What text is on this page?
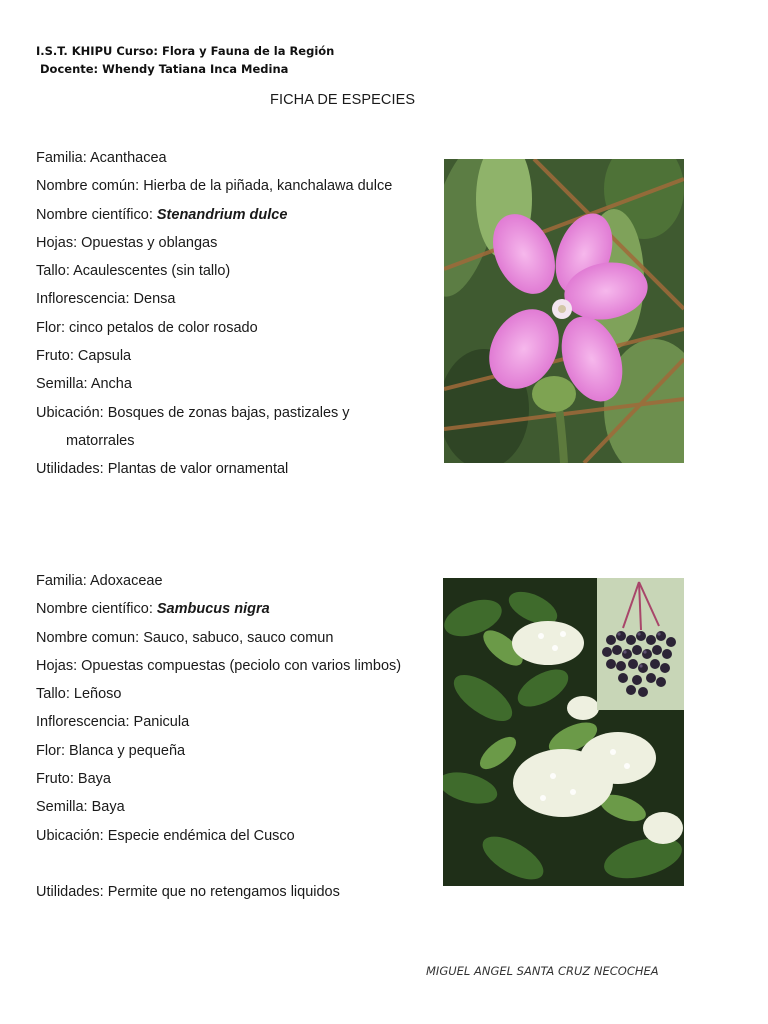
I.S.T. KHIPU Curso: Flora y Fauna de la Región
Docente: Whendy Tatiana Inca Medina
FICHA DE ESPECIES
Familia: Acanthacea
Nombre común: Hierba de la piñada, kanchalawa dulce
Nombre científico: Stenandrium dulce
Hojas: Opuestas y oblangas
Tallo: Acaulescentes (sin tallo)
Inflorescencia: Densa
Flor: cinco petalos de color rosado
Fruto: Capsula
Semilla: Ancha
Ubicación: Bosques de zonas bajas, pastizales y
matorrales
Utilidades: Plantas de valor ornamental
Familia: Adoxaceae
Nombre científico: Sambucus nigra
Nombre comun: Sauco, sabuco, sauco comun
Hojas: Opuestas compuestas (peciolo con varios limbos)
Tallo: Leñoso
Inflorescencia: Panicula
Flor: Blanca y pequeña
Fruto: Baya
Semilla: Baya
Ubicación: Especie endémica del Cusco
Utilidades: Permite que no retengamos liquidos
MIGUEL ANGEL SANTA CRUZ NECOCHEA
